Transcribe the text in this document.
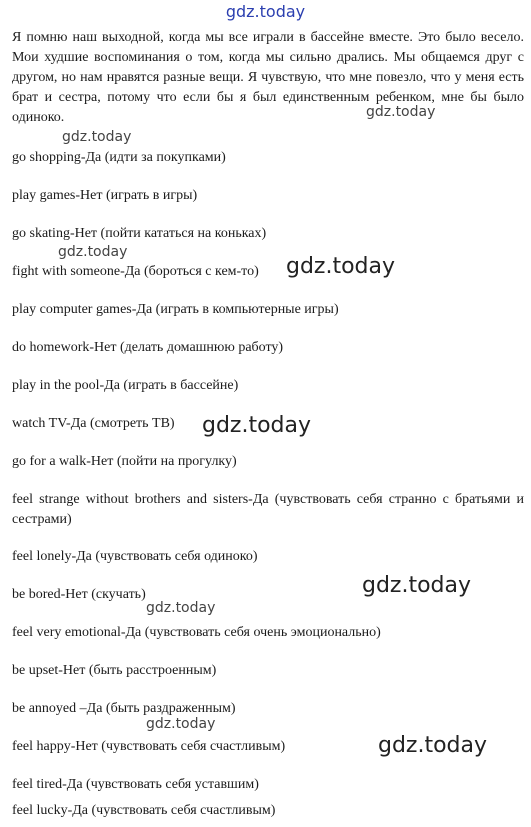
gdz.today

Я помню наш выходной, когда мы все играли в бассейне вместе. Это было весело. Мои худшие воспоминания о том, когда мы сильно дрались. Мы общаемся друг с другом, но нам нравятся разные вещи. Я чувствую, что мне повезло, что у меня есть брат и сестра, потому что если бы я был единственным ребенком, мне бы было одиноко.

go shopping-Да (идти за покупками)
play games-Нет (играть в игры)
go skating-Нет (пойти кататься на коньках)
fight with someone-Да (бороться с кем-то)
play computer games-Да (играть в компьютерные игры)
do homework-Нет (делать домашнюю работу)
play in the pool-Да (играть в бассейне)
watch TV-Да (смотреть ТВ)
go for a walk-Нет (пойти на прогулку)
feel strange without brothers and sisters-Да (чувствовать себя странно с братьями и сестрами)
feel lonely-Да (чувствовать себя одиноко)
be bored-Нет (скучать)
feel very emotional-Да (чувствовать себя очень эмоционально)
be upset-Нет (быть расстроенным)
be annoyed –Да (быть раздраженным)
feel happy-Нет (чувствовать себя счастливым)
feel tired-Да (чувствовать себя уставшим)
feel lucky-Да (чувствовать себя счастливым)
gdz.today
gdz.today
gdz.today
gdz.today
gdz.today
gdz.today
gdz.today
gdz.today
gdz.today
